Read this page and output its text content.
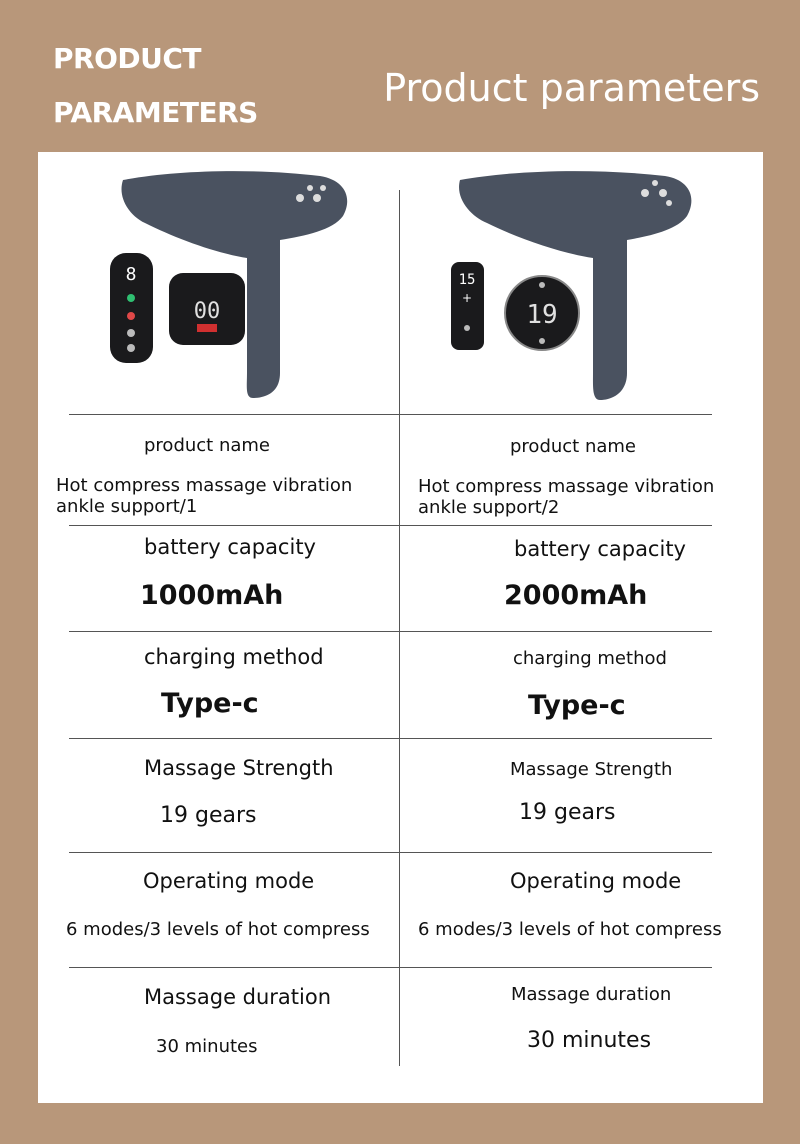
PRODUCT
PARAMETERS
Product parameters
8
00
15
+
19
product name
Hot compress massage vibration
ankle support/1
battery capacity
1000mAh
charging method
Type-c
Massage Strength
19 gears
Operating mode
6 modes/3 levels of hot compress
Massage duration
30 minutes
product name
Hot compress massage vibration
ankle support/2
battery capacity
2000mAh
charging method
Type-c
Massage Strength
19 gears
Operating mode
6 modes/3 levels of hot compress
Massage duration
30 minutes
